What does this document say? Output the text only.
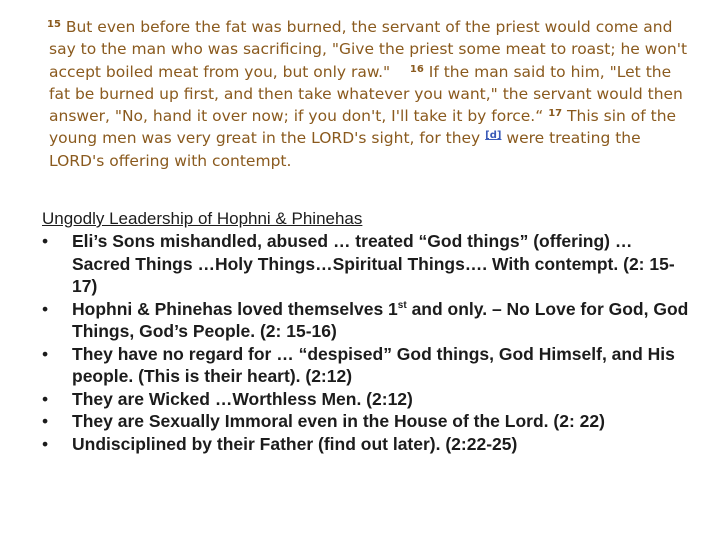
$^{15}$ But even before the fat was burned, the servant of the priest would come and say to the man who was sacrificing, "Give the priest some meat to roast; he won't accept boiled meat from you, but only raw." $^{16}$ If the man said to him, "Let the fat be burned up first, and then take whatever you want," the servant would then answer, "No, hand it over now; if you don't, I'll take it by force.“ $^{17}$ This sin of the young men was very great in the LORD's sight, for they [d] were treating the LORD's offering with contempt.

Ungodly Leadership of Hophni & Phinehas

• Eli’s Sons mishandled, abused … treated “God things” (offering) … Sacred Things …Holy Things…Spiritual Things…. With contempt. (2: 15-17)
• Hophni & Phinehas loved themselves 1st and only. – No Love for God, God Things, God’s People. (2: 15-16)
• They have no regard for … “despised” God things, God Himself, and His people. (This is their heart). (2:12)
• They are Wicked …Worthless Men. (2:12)
• They are Sexually Immoral even in the House of the Lord. (2: 22)
• Undisciplined by their Father (find out later). (2:22-25)
